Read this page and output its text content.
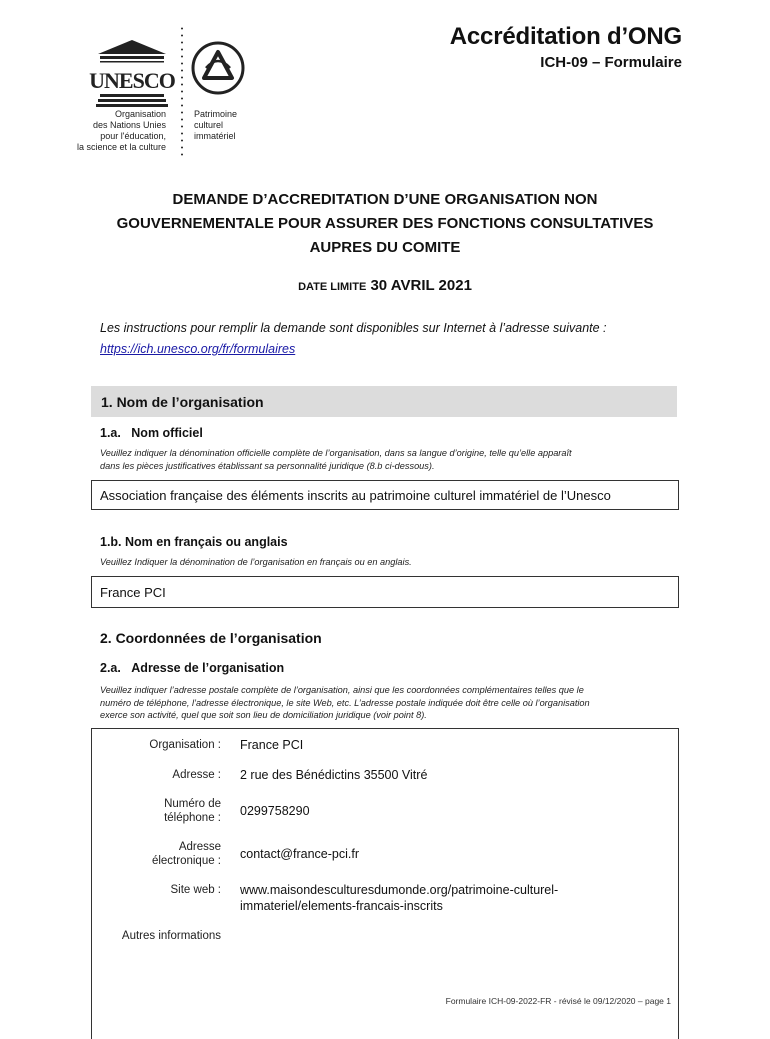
UNESCO
Organisation
des Nations Unies
pour l'éducation,
la science et la culture
Patrimoine
culturel
immatériel
Accréditation d’ONG
ICH-09 – Formulaire
DEMANDE D’ACCREDITATION D’UNE ORGANISATION NON
GOUVERNEMENTALE POUR ASSURER DES FONCTIONS CONSULTATIVES
AUPRES DU COMITE
DATE LIMITE 30 AVRIL 2021
Les instructions pour remplir la demande sont disponibles sur Internet à l’adresse suivante :
https://ich.unesco.org/fr/formulaires
1. Nom de l’organisation
1.a. Nom officiel
Veuillez indiquer la dénomination officielle complète de l’organisation, dans sa langue d’origine, telle qu’elle apparaît
dans les pièces justificatives établissant sa personnalité juridique (8.b ci-dessous).
Association française des éléments inscrits au patrimoine culturel immatériel de l’Unesco
1.b. Nom en français ou anglais
Veuillez Indiquer la dénomination de l’organisation en français ou en anglais.
France PCI
2. Coordonnées de l’organisation
2.a. Adresse de l’organisation
Veuillez indiquer l’adresse postale complète de l’organisation, ainsi que les coordonnées complémentaires telles que le
numéro de téléphone, l’adresse électronique, le site Web, etc. L’adresse postale indiquée doit être celle où l’organisation
exerce son activité, quel que soit son lieu de domiciliation juridique (voir point 8).
Organisation : France PCI
Adresse : 2 rue des Bénédictins 35500 Vitré
Numéro de
téléphone : 0299758290
Adresse
électronique : contact@france-pci.fr
Site web : www.maisondesculturesdumonde.org/patrimoine-culturel-
immateriel/elements-francais-inscrits
Autres informations
Formulaire ICH-09-2022-FR - révisé le 09/12/2020 – page 1
